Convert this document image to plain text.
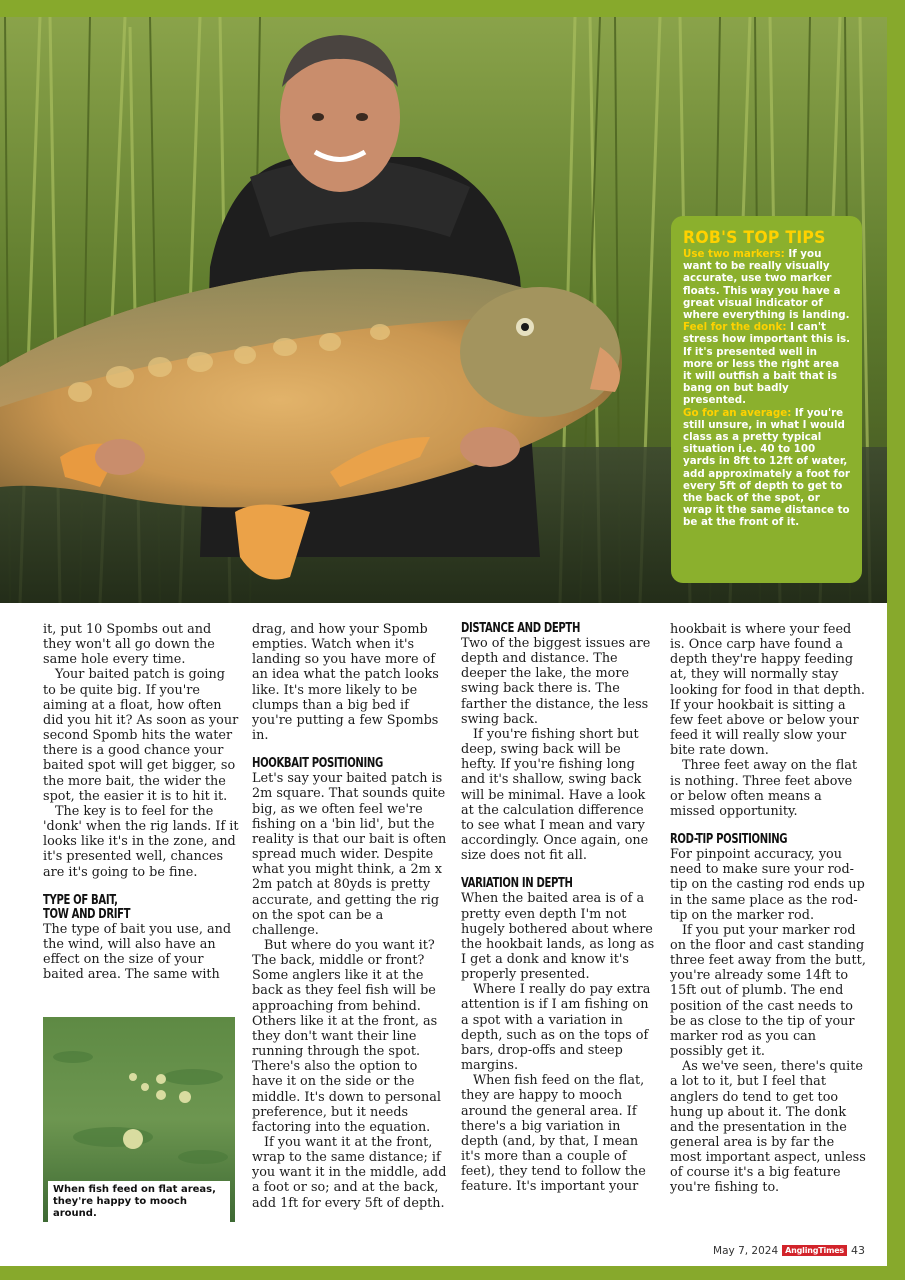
ROB'S TOP TIPS
Use two markers: If you want to be really visually accurate, use two marker floats. This way you have a great visual indicator of where everything is landing.
Feel for the donk: I can't stress how important this is. If it's presented well in more or less the right area it will outfish a bait that is bang on but badly presented.
Go for an average: If you're still unsure, in what I would class as a pretty typical situation i.e. 40 to 100 yards in 8ft to 12ft of water, add approximately a foot for every 5ft of depth to get to the back of the spot, or wrap it the same distance to be at the front of it.

it, put 10 Spombs out and they won't all go down the same hole every time.

Your baited patch is going to be quite big. If you're aiming at a float, how often did you hit it? As soon as your second Spomb hits the water there is a good chance your baited spot will get bigger, so the more bait, the wider the spot, the easier it is to hit it.

The key is to feel for the 'donk' when the rig lands. If it looks like it's in the zone, and it's presented well, chances are it's going to be fine.

TYPE OF BAIT,
TOW AND DRIFT

The type of bait you use, and the wind, will also have an effect on the size of your baited area. The same with

When fish feed on flat areas, they're happy to mooch around.

drag, and how your Spomb empties. Watch when it's landing so you have more of an idea what the patch looks like. It's more likely to be clumps than a big bed if you're putting a few Spombs in.

HOOKBAIT POSITIONING

Let's say your baited patch is 2m square. That sounds quite big, as we often feel we're fishing on a 'bin lid', but the reality is that our bait is often spread much wider. Despite what you might think, a 2m x 2m patch at 80yds is pretty accurate, and getting the rig on the spot can be a challenge.

But where do you want it? The back, middle or front? Some anglers like it at the back as they feel fish will be approaching from behind. Others like it at the front, as they don't want their line running through the spot. There's also the option to have it on the side or the middle. It's down to personal preference, but it needs factoring into the equation.

If you want it at the front, wrap to the same distance; if you want it in the middle, add a foot or so; and at the back, add 1ft for every 5ft of depth.

DISTANCE AND DEPTH

Two of the biggest issues are depth and distance. The deeper the lake, the more swing back there is. The farther the distance, the less swing back.

If you're fishing short but deep, swing back will be hefty. If you're fishing long and it's shallow, swing back will be minimal. Have a look at the calculation difference to see what I mean and vary accordingly. Once again, one size does not fit all.

VARIATION IN DEPTH

When the baited area is of a pretty even depth I'm not hugely bothered about where the hookbait lands, as long as I get a donk and know it's properly presented.

Where I really do pay extra attention is if I am fishing on a spot with a variation in depth, such as on the tops of bars, drop-offs and steep margins.

When fish feed on the flat, they are happy to mooch around the general area. If there's a big variation in depth (and, by that, I mean it's more than a couple of feet), they tend to follow the feature. It's important your

hookbait is where your feed is. Once carp have found a depth they're happy feeding at, they will normally stay looking for food in that depth. If your hookbait is sitting a few feet above or below your feed it will really slow your bite rate down.

Three feet away on the flat is nothing. Three feet above or below often means a missed opportunity.

ROD-TIP POSITIONING

For pinpoint accuracy, you need to make sure your rod-tip on the casting rod ends up in the same place as the rod-tip on the marker rod.

If you put your marker rod on the floor and cast standing three feet away from the butt, you're already some 14ft to 15ft out of plumb. The end position of the cast needs to be as close to the tip of your marker rod as you can possibly get it.

As we've seen, there's quite a lot to it, but I feel that anglers do tend to get too hung up about it. The donk and the presentation in the general area is by far the most important aspect, unless of course it's a big feature you're fishing to.

May 7, 2024 AnglingTimes 43
